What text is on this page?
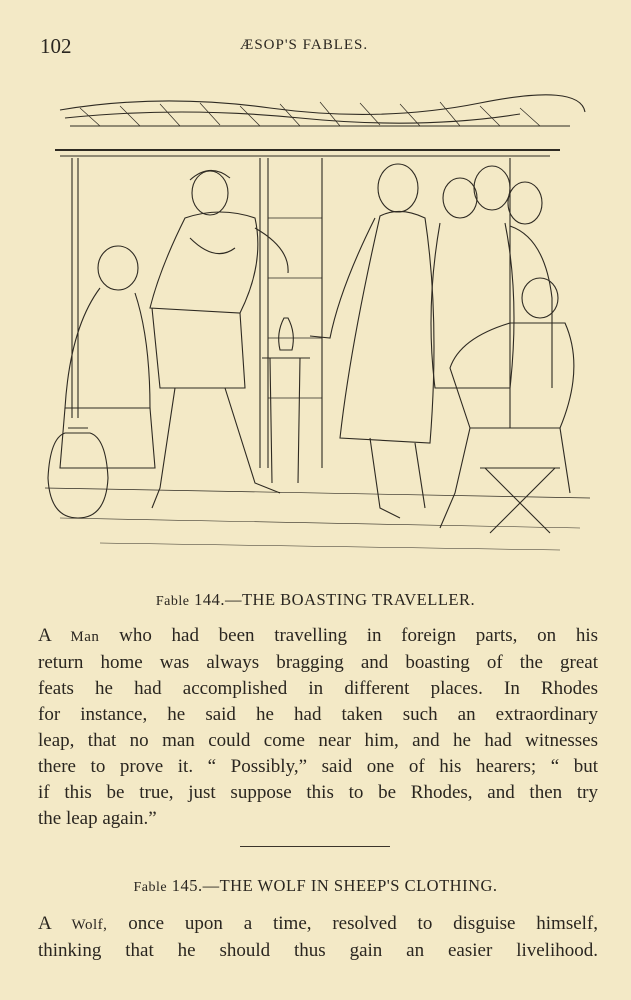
102	ÆSOP'S FABLES.
Fable 144.—THE BOASTING TRAVELLER.
A Man who had been travelling in foreign parts, on his
return home was always bragging and boasting of the great
feats he had accomplished in different places. In Rhodes
for instance, he said he had taken such an extraordinary
leap, that no man could come near him, and he had witnesses
there to prove it. “ Possibly,” said one of his hearers; “ but
if this be true, just suppose this to be Rhodes, and then try
the leap again.”
Fable 145.—THE WOLF IN SHEEP'S CLOTHING.
A Wolf, once upon a time, resolved to disguise himself,
thinking that he should thus gain an easier livelihood.
